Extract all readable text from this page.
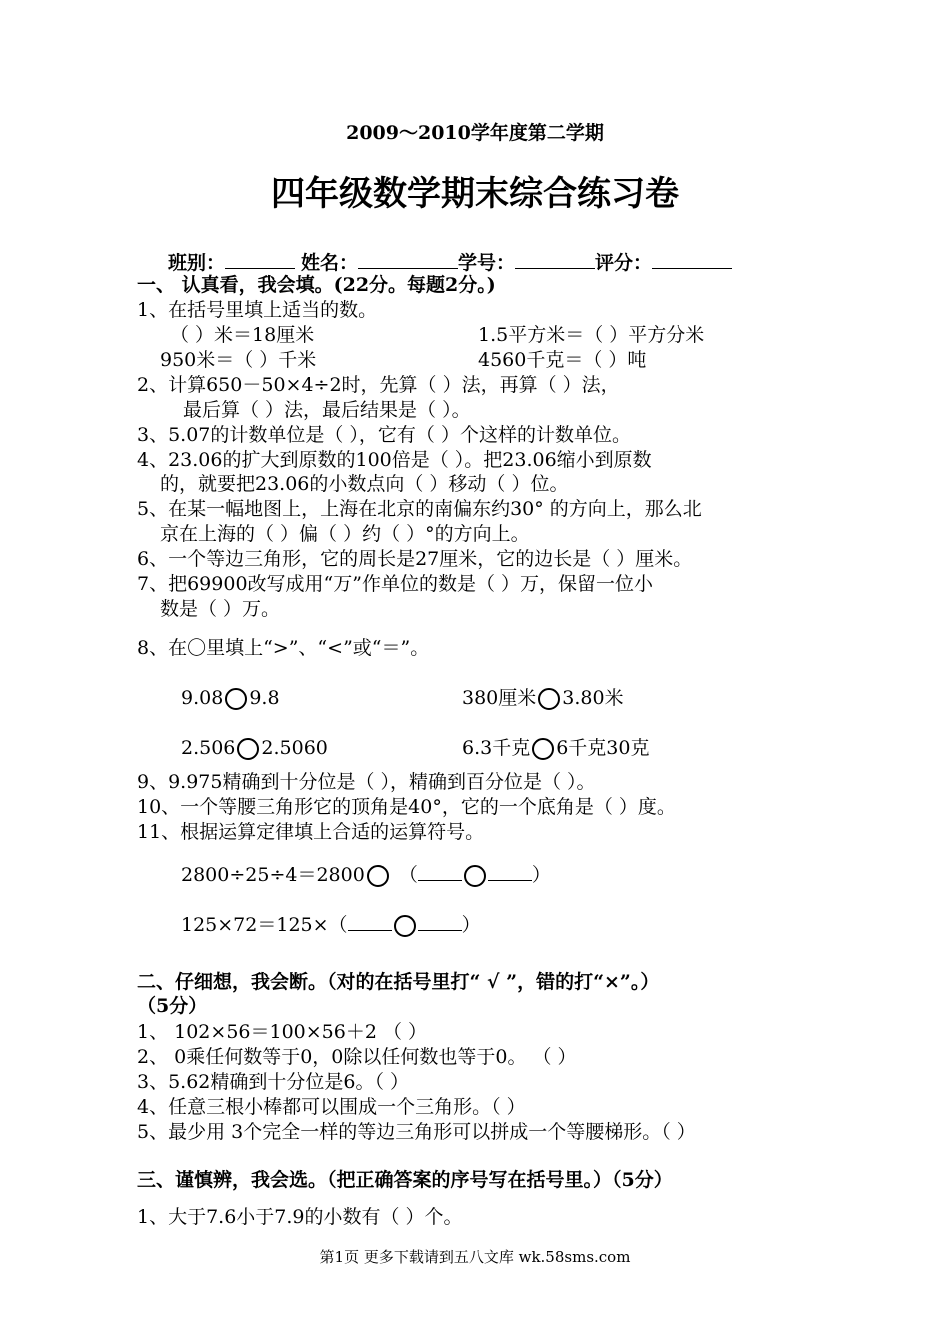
2009～2010学年度第二学期
四年级数学期末综合练习卷
班别：	姓名：	学号：	评分：
一、 认真看，我会填。(22分。每题2分。)
1、在括号里填上适当的数。
（ ）米＝18厘米	1.5平方米＝（ ）平方分米
950米＝（ ）千米	4560千克＝（ ）吨
2、计算650－50×4÷2时，先算（ ）法，再算（ ）法，
最后算（ ）法，最后结果是（ ）。
3、5.07的计数单位是（ ），它有（ ）个这样的计数单位。
4、23.06的扩大到原数的100倍是（ ）。把23.06缩小到原数
的，就要把23.06的小数点向（ ）移动（ ）位。
5、在某一幅地图上，上海在北京的南偏东约30° 的方向上，那么北
京在上海的（ ）偏（ ）约（ ）°的方向上。
6、一个等边三角形，它的周长是27厘米，它的边长是（ ）厘米。
7、把69900改写成用“万”作单位的数是（ ）万，保留一位小
数是（ ）万。
8、在〇里填上“>”、“<”或“＝”。
9.08 9.8	380厘米 3.80米
2.506 2.5060	6.3千克 6千克30克
9、9.975精确到十分位是（ ），精确到百分位是（ ）。
10、一个等腰三角形它的顶角是40°，它的一个底角是（ ）度。
11、根据运算定律填上合适的运算符号。
2800÷25÷4＝2800 （	）
125×72＝125×（	）
二、仔细想，我会断。（对的在括号里打“ √ ”，错的打“×”。）
（5分）
1、 102×56＝100×56＋2 （ ）
2、 0乘任何数等于0，0除以任何数也等于0。 （ ）
3、5.62精确到十分位是6。（ ）
4、任意三根小棒都可以围成一个三角形。（ ）
5、最少用 3个完全一样的等边三角形可以拼成一个等腰梯形。（ ）
三、谨慎辨，我会选。（把正确答案的序号写在括号里。）（5分）
1、大于7.6小于7.9的小数有（ ）个。
第1页 更多下载请到五八文库 wk.58sms.com
